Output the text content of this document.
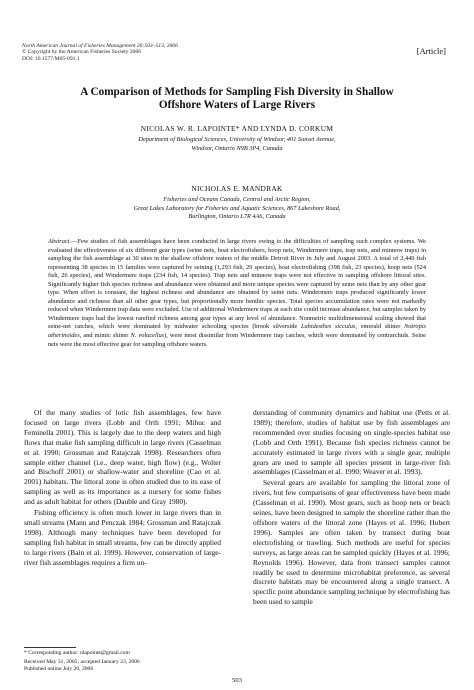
North American Journal of Fisheries Management 26:503–513, 2006
© Copyright by the American Fisheries Society 2006
DOI: 10.1577/M05-091.1
[Article]
A Comparison of Methods for Sampling Fish Diversity in Shallow
Offshore Waters of Large Rivers
NICOLAS W. R. LAPOINTE* AND LYNDA D. CORKUM
Department of Biological Sciences, University of Windsor, 401 Sunset Avenue,
Windsor, Ontario N9B 3P4, Canada
NICHOLAS E. MANDRAK
Fisheries and Oceans Canada, Central and Arctic Region,
Great Lakes Laboratory for Fisheries and Aquatic Sciences, 867 Lakeshore Road,
Burlington, Ontario L7R 4A6, Canada
Abstract.—Few studies of fish assemblages have been conducted in large rivers owing to the difficulties of sampling such complex systems. We evaluated the effectiveness of six different gear types (seine nets, boat electrofishers, hoop nets, Windermere traps, trap nets, and minnow traps) in sampling the fish assemblage at 30 sites in the shallow offshore waters of the middle Detroit River in July and August 2003. A total of 2,449 fish representing 38 species in 15 families were captured by seining (1,293 fish, 29 species), boat electrofishing (398 fish, 23 species), hoop nets (524 fish, 26 species), and Windermere traps (234 fish, 14 species). Trap nets and minnow traps were not effective in sampling offshore littoral sites. Significantly higher fish species richness and abundance were obtained and more unique species were captured by seine nets than by any other gear type. When effort is constant, the highest richness and abundance are obtained by seine nets. Windermere traps produced significantly lower abundance and richness than all other gear types, but proportionally more benthic species. Total species accumulation rates were not markedly reduced when Windermere trap data were excluded. Use of additional Windermere traps at each site could increase abundance, but samples taken by Windermere traps had the lowest rarefied richness among gear types at any level of abundance. Nonmetric multidimensional scaling showed that seine-net catches, which were dominated by midwater schooling species (brook silverside Labidesthes sicculus, emerald shiner Notropis atherinoides, and mimic shiner N. volucellus), were most dissimilar from Windermere trap catches, which were dominated by centrarchids. Seine nets were the most effective gear for sampling offshore waters.

Of the many studies of lotic fish assemblages, few have focused on large rivers (Lobb and Orth 1991; Mihuc and Feminella 2001). This is largely due to the deep waters and high flows that make fish sampling difficult in large rivers (Casselman et al. 1990; Grossman and Ratajczak 1998). Researchers often sample either channel (i.e., deep water, high flow) (e.g., Wolter and Bischoff 2001) or shallow-water and shoreline (Cao et al. 2001) habitats. The littoral zone is often studied due to its ease of sampling as well as its importance as a nursery for some fishes and as adult habitat for others (Dauble and Gray 1980).

Fishing efficiency is often much lower in large rivers than in small streams (Mann and Penczak 1984; Grossman and Ratajczak 1998). Although many techniques have been developed for sampling fish habitat in small streams, few can be directly applied to large rivers (Bain et al. 1999). However, conservation of large-river fish assemblages requires a firm un-

derstanding of community dynamics and habitat use (Petts et al. 1989); therefore, studies of habitat use by fish assemblages are recommended over studies focusing on single-species habitat use (Lobb and Orth 1991). Because fish species richness cannot be accurately estimated in large rivers with a single gear, multiple gears are used to sample all species present in large-river fish assemblages (Casselman et al. 1990; Weaver et al. 1993).

Several gears are available for sampling the littoral zone of rivers, but few comparisons of gear effectiveness have been made (Casselman et al. 1990). Most gears, such as hoop nets or beach seines, have been designed to sample the shoreline rather than the offshore waters of the littoral zone (Hayes et al. 1996; Hubert 1996). Samples are often taken by transect during boat electrofishing or trawling. Such methods are useful for species surveys, as large areas can be sampled quickly (Hayes et al. 1996; Reynolds 1996). However, data from transect samples cannot readily be used to determine microhabitat preference, as several discrete habitats may be encountered along a single transect. A specific point abundance sampling technique by electrofishing has been used to sample

* Corresponding author: nlapointe@gmail.com
Received May 31, 2005; accepted January 23, 2006
Published online July 20, 2006
503
